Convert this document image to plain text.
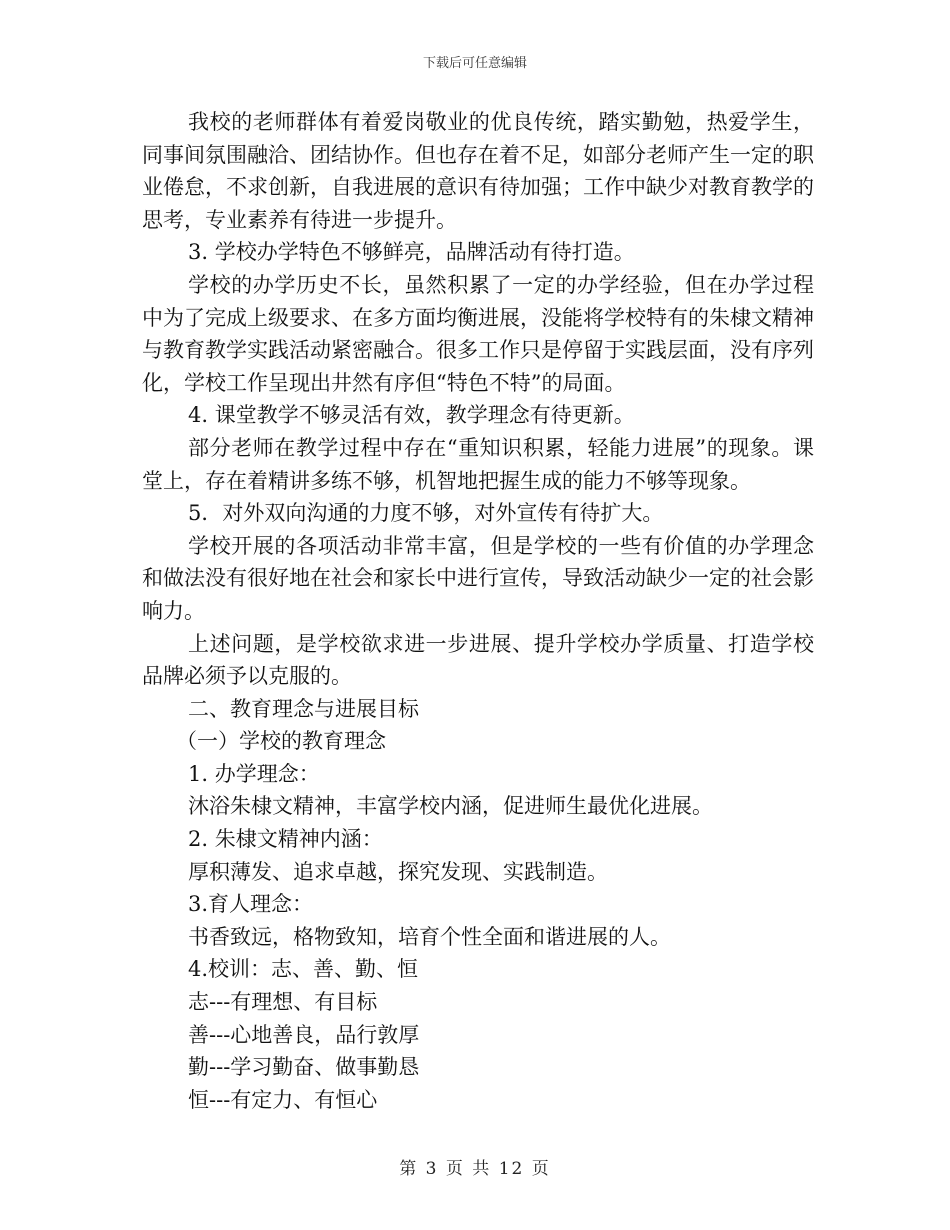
下载后可任意编辑

我校的老师群体有着爱岗敬业的优良传统，踏实勤勉，热爱学生，同事间氛围融洽、团结协作。但也存在着不足，如部分老师产生一定的职业倦怠，不求创新，自我进展的意识有待加强；工作中缺少对教育教学的思考，专业素养有待进一步提升。

3. 学校办学特色不够鲜亮，品牌活动有待打造。

学校的办学历史不长，虽然积累了一定的办学经验，但在办学过程中为了完成上级要求、在多方面均衡进展，没能将学校特有的朱棣文精神与教育教学实践活动紧密融合。很多工作只是停留于实践层面，没有序列化，学校工作呈现出井然有序但“特色不特”的局面。

4. 课堂教学不够灵活有效，教学理念有待更新。

部分老师在教学过程中存在“重知识积累，轻能力进展”的现象。课堂上，存在着精讲多练不够，机智地把握生成的能力不够等现象。

5．对外双向沟通的力度不够，对外宣传有待扩大。

学校开展的各项活动非常丰富，但是学校的一些有价值的办学理念和做法没有很好地在社会和家长中进行宣传，导致活动缺少一定的社会影响力。

上述问题，是学校欲求进一步进展、提升学校办学质量、打造学校品牌必须予以克服的。

二、教育理念与进展目标

（一）学校的教育理念

1. 办学理念：

沐浴朱棣文精神，丰富学校内涵，促进师生最优化进展。

2. 朱棣文精神内涵：

厚积薄发、追求卓越，探究发现、实践制造。

3.育人理念：

书香致远，格物致知，培育个性全面和谐进展的人。

4.校训：志、善、勤、恒

志---有理想、有目标

善---心地善良，品行敦厚

勤---学习勤奋、做事勤恳

恒---有定力、有恒心

第 3 页 共 12 页
